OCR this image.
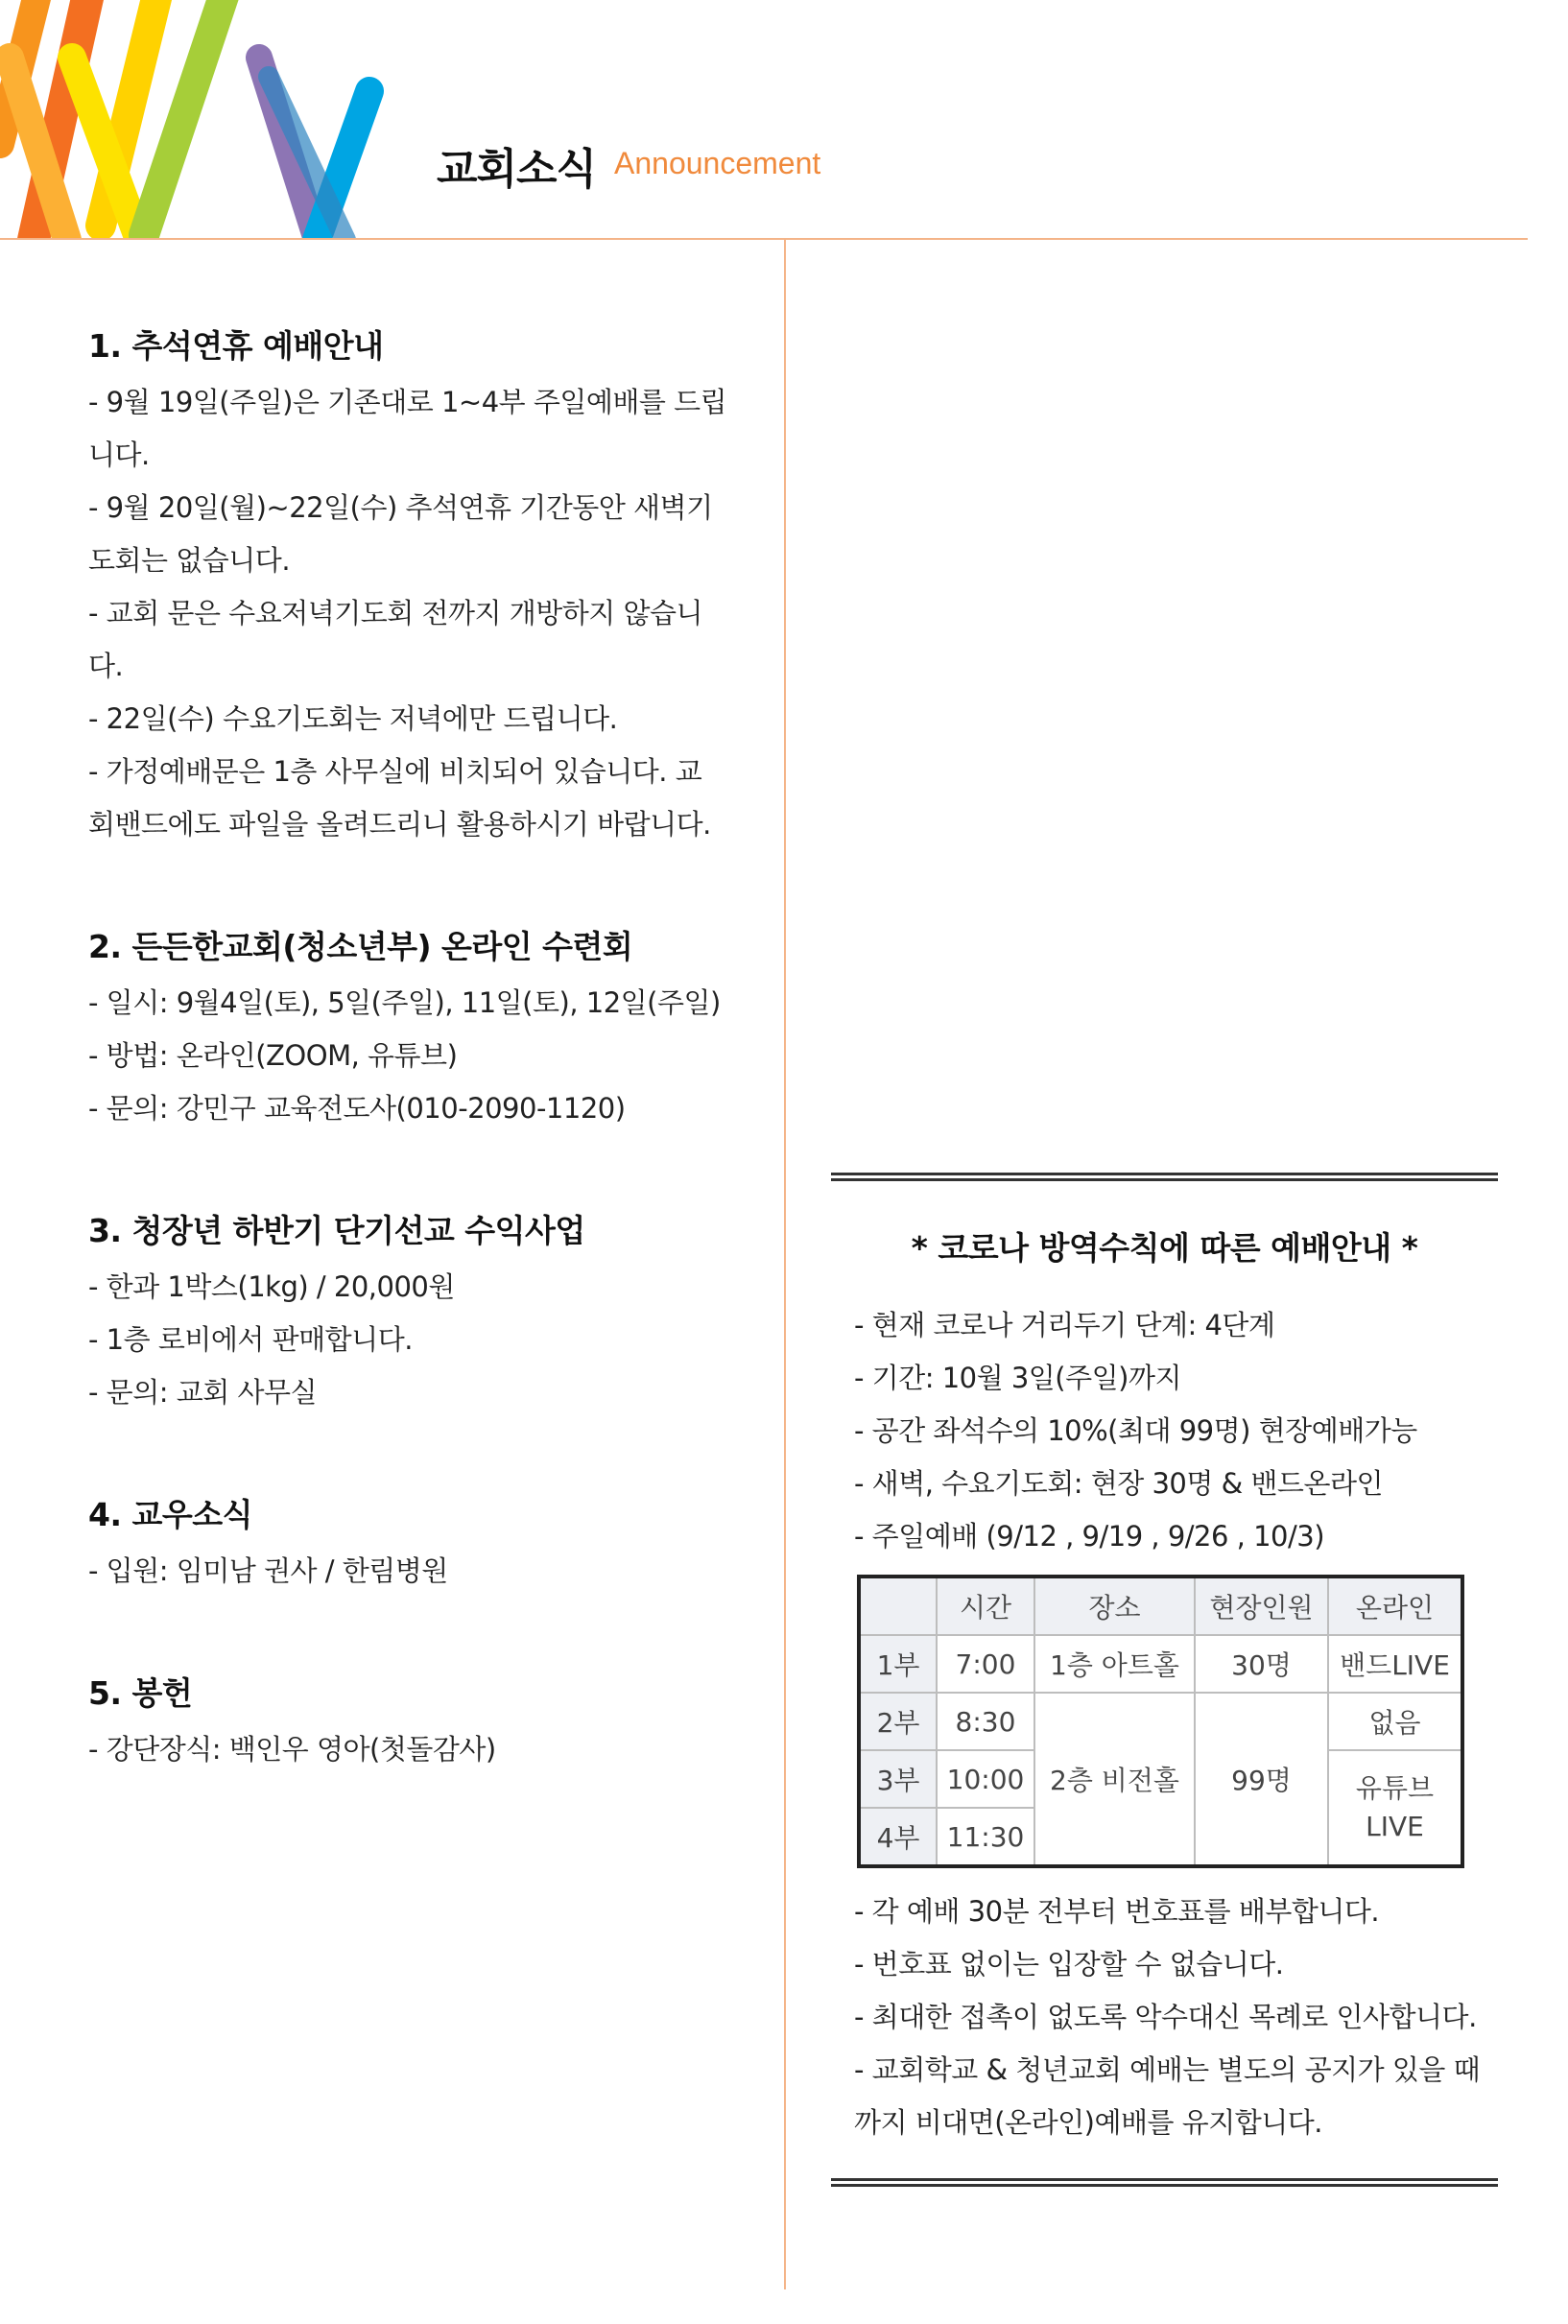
교회소식 Announcement
1. 추석연휴 예배안내

- 9월 19일(주일)은 기존대로 1~4부 주일예배를 드립

니다.

- 9월 20일(월)~22일(수) 추석연휴 기간동안 새벽기

도회는 없습니다.

- 교회 문은 수요저녁기도회 전까지 개방하지 않습니

다.

- 22일(수) 수요기도회는 저녁에만 드립니다.

- 가정예배문은 1층 사무실에 비치되어 있습니다. 교

회밴드에도 파일을 올려드리니 활용하시기 바랍니다.

2. 든든한교회(청소년부) 온라인 수련회

- 일시: 9월4일(토), 5일(주일), 11일(토), 12일(주일)

- 방법: 온라인(ZOOM, 유튜브)

- 문의: 강민구 교육전도사(010-2090-1120)

3. 청장년 하반기 단기선교 수익사업

- 한과 1박스(1kg) / 20,000원

- 1층 로비에서 판매합니다.

- 문의: 교회 사무실

4. 교우소식

- 입원: 임미남 권사 / 한림병원

5. 봉헌

- 강단장식: 백인우 영아(첫돌감사)

* 코로나 방역수칙에 따른 예배안내 *

- 현재 코로나 거리두기 단계: 4단계

- 기간: 10월 3일(주일)까지

- 공간 좌석수의 10%(최대 99명) 현장예배가능

- 새벽, 수요기도회: 현장 30명 & 밴드온라인

- 주일예배 (9/12 , 9/19 , 9/26 , 10/3)

	시간	장소	현장인원	온라인
1부	7:00	1층 아트홀	30명	밴드LIVE
2부	8:30	2층 비전홀	99명	없음
3부	10:00			유튜브
LIVE
4부	11:30			

- 각 예배 30분 전부터 번호표를 배부합니다.

- 번호표 없이는 입장할 수 없습니다.

- 최대한 접촉이 없도록 악수대신 목례로 인사합니다.

- 교회학교 & 청년교회 예배는 별도의 공지가 있을 때

까지 비대면(온라인)예배를 유지합니다.
